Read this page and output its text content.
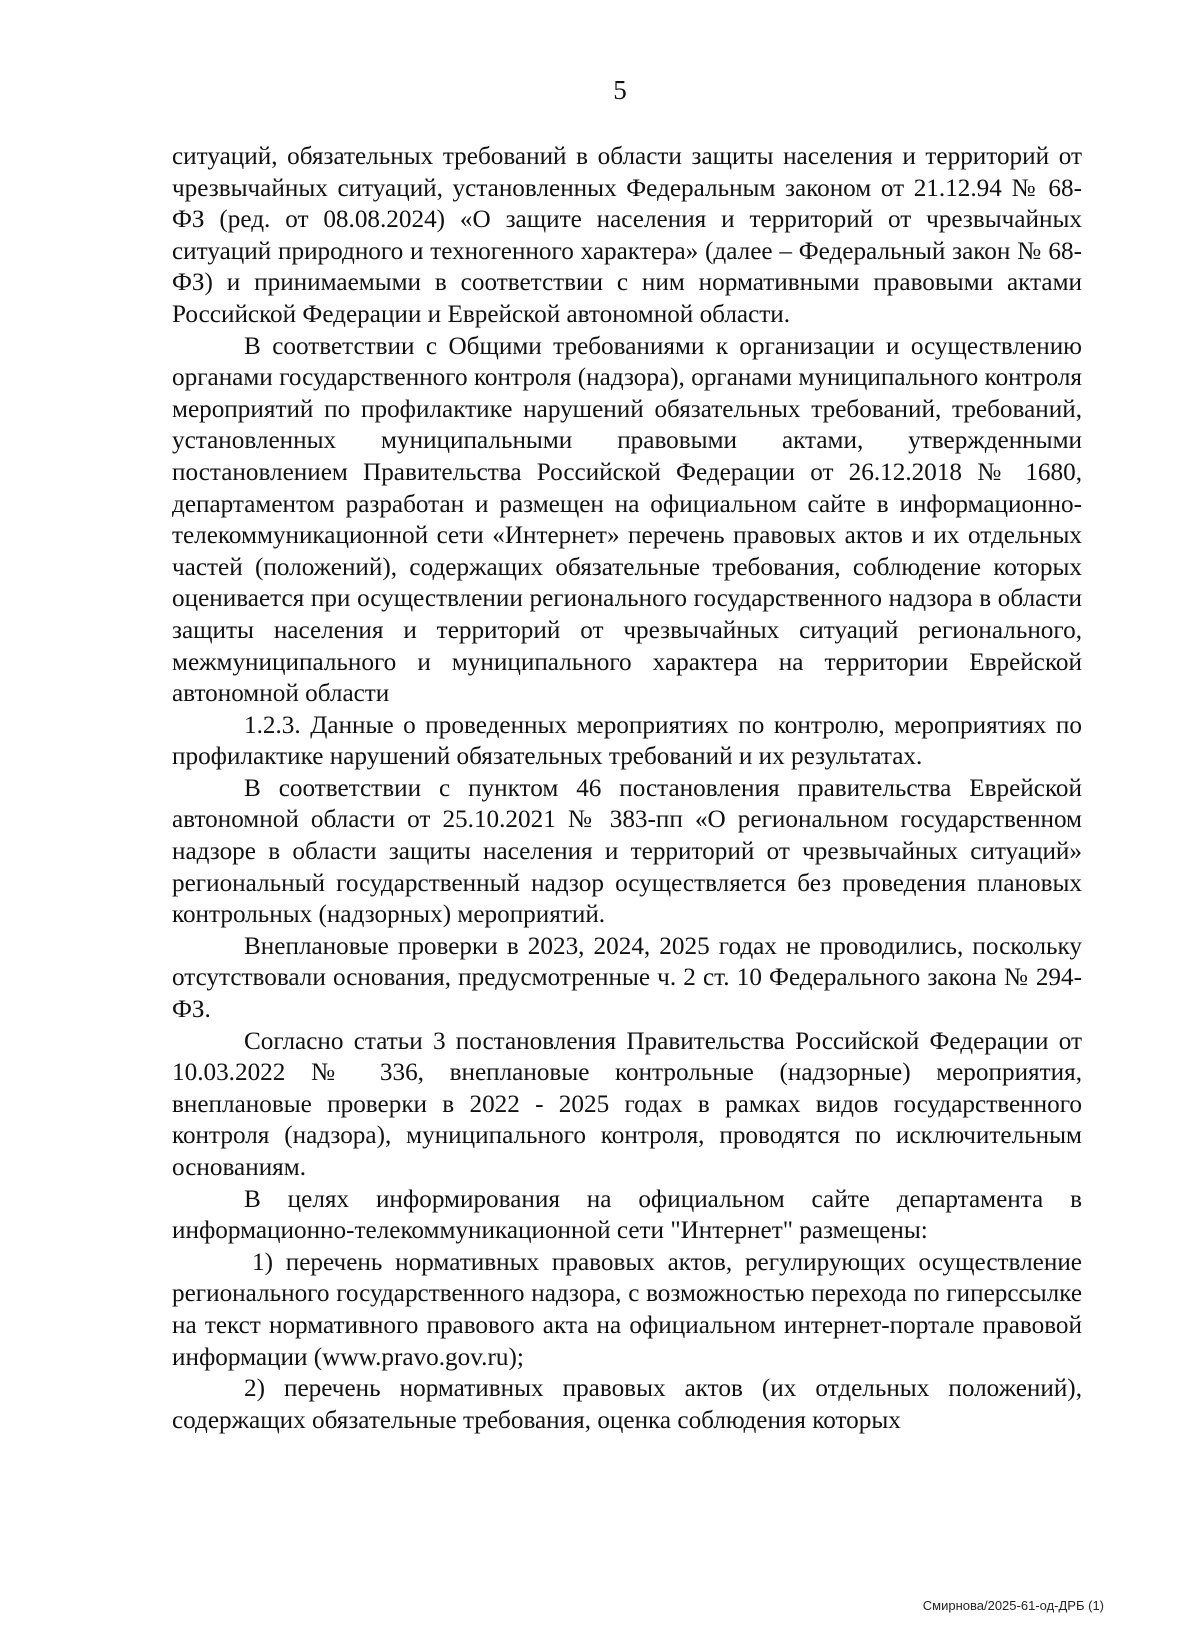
5

ситуаций, обязательных требований в области защиты населения и территорий от чрезвычайных ситуаций, установленных Федеральным законом от 21.12.94 № 68-ФЗ (ред. от 08.08.2024) «О защите населения и территорий от чрезвычайных ситуаций природного и техногенного характера» (далее – Федеральный закон № 68-ФЗ) и принимаемыми в соответствии с ним нормативными правовыми актами Российской Федерации и Еврейской автономной области.

В соответствии с Общими требованиями к организации и осуществлению органами государственного контроля (надзора), органами муниципального контроля мероприятий по профилактике нарушений обязательных требований, требований, установленных муниципальными правовыми актами, утвержденными постановлением Правительства Российской Федерации от 26.12.2018 № 1680, департаментом разработан и размещен на официальном сайте в информационно-телекоммуникационной сети «Интернет» перечень правовых актов и их отдельных частей (положений), содержащих обязательные требования, соблюдение которых оценивается при осуществлении регионального государственного надзора в области защиты населения и территорий от чрезвычайных ситуаций регионального, межмуниципального и муниципального характера на территории Еврейской автономной области

1.2.3. Данные о проведенных мероприятиях по контролю, мероприятиях по профилактике нарушений обязательных требований и их результатах.

В соответствии с пунктом 46 постановления правительства Еврейской автономной области от 25.10.2021 № 383-пп «О региональном государственном надзоре в области защиты населения и территорий от чрезвычайных ситуаций» региональный государственный надзор осуществляется без проведения плановых контрольных (надзорных) мероприятий.

Внеплановые проверки в 2023, 2024, 2025 годах не проводились, поскольку отсутствовали основания, предусмотренные ч. 2 ст. 10 Федерального закона № 294-ФЗ.

Согласно статьи 3 постановления Правительства Российской Федерации от 10.03.2022 № 336, внеплановые контрольные (надзорные) мероприятия, внеплановые проверки в 2022 - 2025 годах в рамках видов государственного контроля (надзора), муниципального контроля, проводятся по исключительным основаниям.

В целях информирования на официальном сайте департамента в информационно-телекоммуникационной сети "Интернет" размещены:

1) перечень нормативных правовых актов, регулирующих осуществление регионального государственного надзора, с возможностью перехода по гиперссылке на текст нормативного правового акта на официальном интернет-портале правовой информации (www.pravo.gov.ru);

2) перечень нормативных правовых актов (их отдельных положений), содержащих обязательные требования, оценка соблюдения которых

Смирнова/2025-61-од-ДРБ (1)
